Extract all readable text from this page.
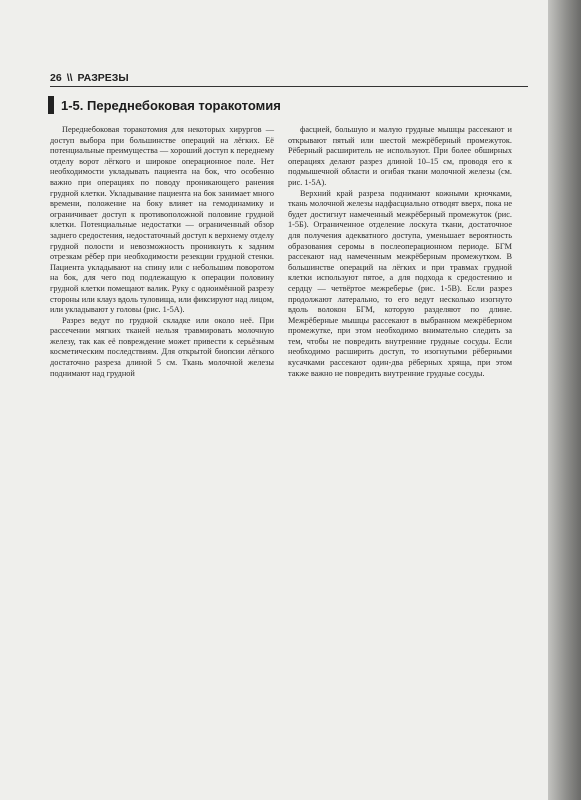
26 \\ РАЗРЕЗЫ
1-5. Переднебоковая торакотомия

Переднебоковая торакотомия для некоторых хирургов — доступ выбора при большинстве операций на лёгких. Её потенциальные преимущества — хороший доступ к переднему отделу ворот лёгкого и широкое операционное поле. Нет необходимости укладывать пациента на бок, что особенно важно при операциях по поводу проникающего ранения грудной клетки. Укладывание пациента на бок занимает много времени, положение на боку влияет на гемодинамику и ограничивает доступ к противоположной половине грудной клетки. Потенциальные недостатки — ограниченный обзор заднего средостения, недостаточный доступ к верхнему отделу грудной полости и невозможность проникнуть к задним отрезкам рёбер при необходимости резекции грудной стенки. Пациента укладывают на спину или с небольшим поворотом на бок, для чего под подлежащую к операции половину грудной клетки помещают валик. Руку с одноимённой разрезу стороны или клауз вдоль туловища, или фиксируют над лицом, или укладывают у головы (рис. 1-5А).

Разрез ведут по грудной складке или около неё. При рассечении мягких тканей нельзя травмировать молочную железу, так как её повреждение может привести к серьёзным косметическим последствиям. Для открытой биопсии лёгкого достаточно разреза длиной 5 см. Ткань молочной железы поднимают над грудной

фасцией, большую и малую грудные мышцы рассекают и открывают пятый или шестой межрёберный промежуток. Рёберный расширитель не используют. При более обширных операциях делают разрез длиной 10–15 см, проводя его к подмышечной области и огибая ткани молочной железы (см. рис. 1-5А).

Верхний край разреза поднимают кожными крючками, ткань молочной железы надфасциально отводят вверх, пока не будет достигнут намеченный межрёберный промежуток (рис. 1-5Б). Ограниченное отделение лоскута ткани, достаточное для получения адекватного доступа, уменьшает вероятность образования серомы в послеоперационном периоде. БГМ рассекают над намеченным межрёберным промежутком. В большинстве операций на лёгких и при травмах грудной клетки используют пятое, а для подхода к средостению и сердцу — четвёртое межреберье (рис. 1-5В). Если разрез продолжают латерально, то его ведут несколько изогнуто вдоль волокон БГМ, которую разделяют по длине. Межрёберные мышцы рассекают в выбранном межрёберном промежутке, при этом необходимо внимательно следить за тем, чтобы не повредить внутренние грудные сосуды. Если необходимо расширить доступ, то изогнутыми рёберными кусачками рассекают один-два рёберных хряща, при этом также важно не повредить внутренние грудные сосуды.
